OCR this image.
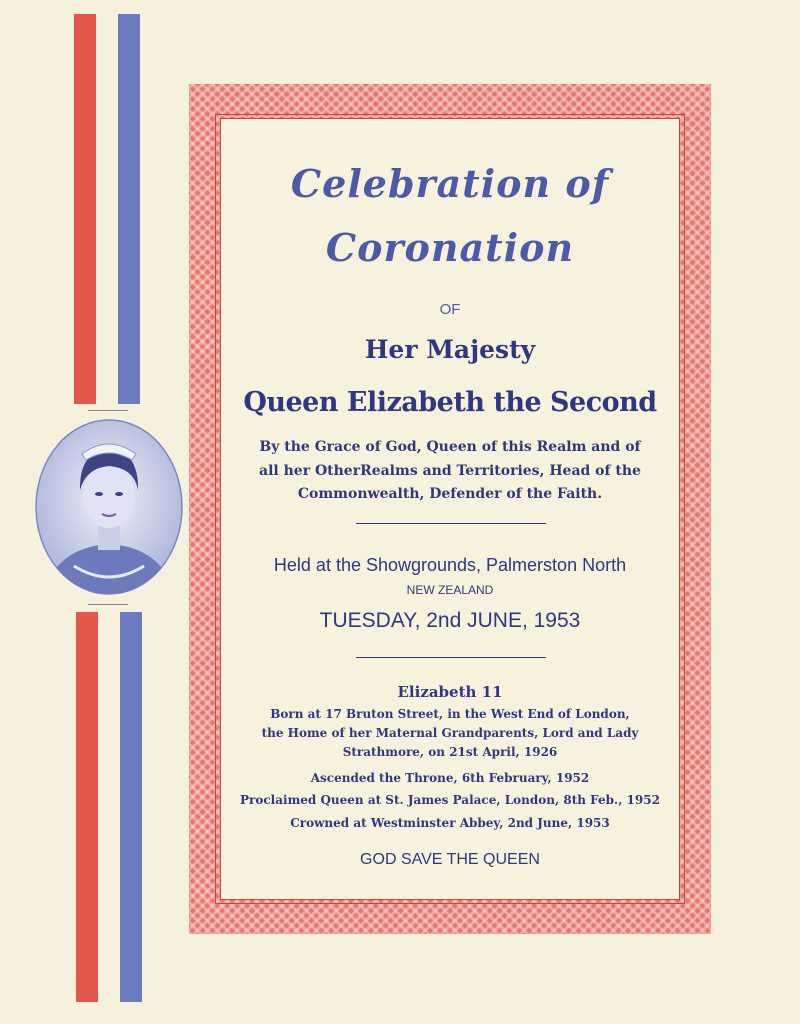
Celebration of

Coronation

OF

Her Majesty

Queen Elizabeth the Second

By the Grace of God, Queen of this Realm and of

all her OtherRealms and Territories, Head of the

Commonwealth, Defender of the Faith.

Held at the Showgrounds, Palmerston North

NEW ZEALAND

TUESDAY, 2nd JUNE, 1953

Elizabeth 11

Born at 17 Bruton Street, in the West End of London,

the Home of her Maternal Grandparents, Lord and Lady

Strathmore, on 21st April, 1926

Ascended the Throne, 6th February, 1952

Proclaimed Queen at St. James Palace, London, 8th Feb., 1952

Crowned at Westminster Abbey, 2nd June, 1953

GOD SAVE THE QUEEN
